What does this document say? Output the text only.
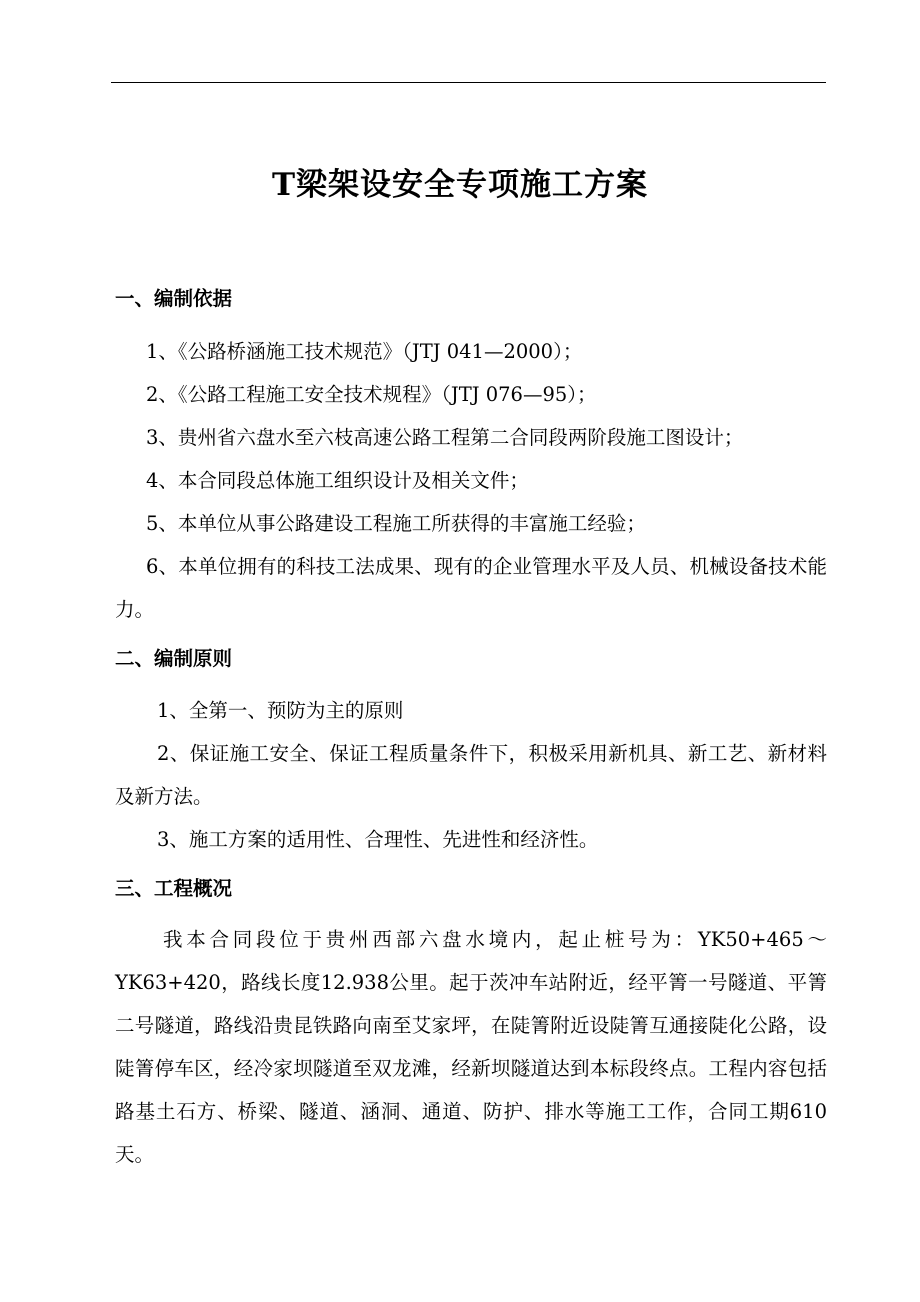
T梁架设安全专项施工方案
一、编制依据
1、《公路桥涵施工技术规范》（JTJ 041—2000）；
2、《公路工程施工安全技术规程》（JTJ 076—95）；
3、贵州省六盘水至六枝高速公路工程第二合同段两阶段施工图设计；
4、本合同段总体施工组织设计及相关文件；
5、本单位从事公路建设工程施工所获得的丰富施工经验；

6、本单位拥有的科技工法成果、现有的企业管理水平及人员、机械设备技术能力。

二、编制原则
1、全第一、预防为主的原则

2、保证施工安全、保证工程质量条件下，积极采用新机具、新工艺、新材料及新方法。

3、施工方案的适用性、合理性、先进性和经济性。
三、工程概况

我本合同段位于贵州西部六盘水境内，起止桩号为：YK50+465～YK63+420，路线长度12.938公里。起于茨冲车站附近，经平箐一号隧道、平箐二号隧道，路线沿贵昆铁路向南至艾家坪，在陡箐附近设陡箐互通接陡化公路，设陡箐停车区，经冷家坝隧道至双龙滩，经新坝隧道达到本标段终点。工程内容包括路基土石方、桥梁、隧道、涵洞、通道、防护、排水等施工工作，合同工期610天。
